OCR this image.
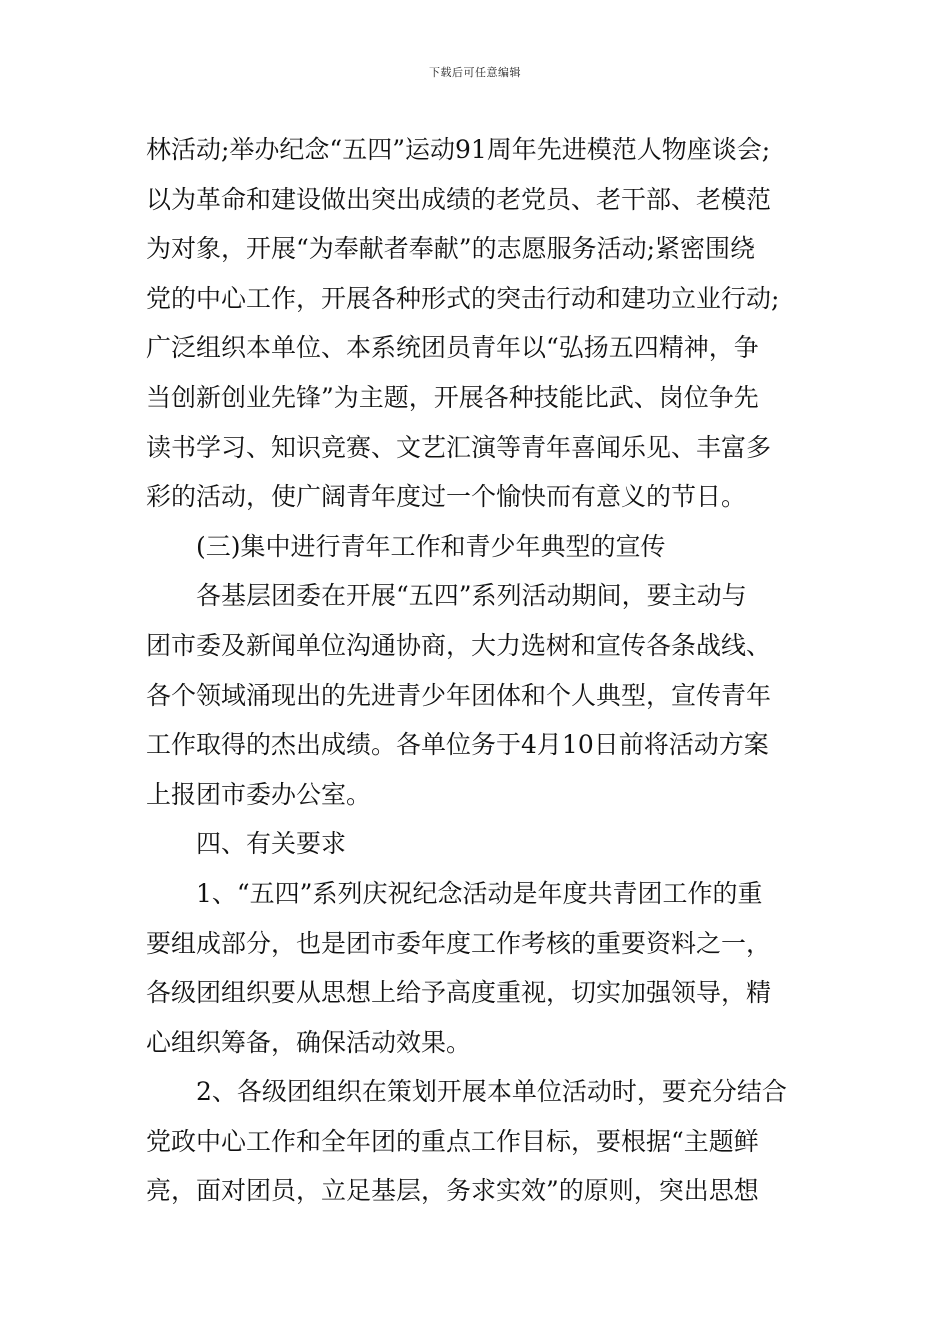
下载后可任意编辑
林活动;举办纪念“五四”运动91周年先进模范人物座谈会;
以为革命和建设做出突出成绩的老党员、老干部、老模范
为对象，开展“为奉献者奉献”的志愿服务活动;紧密围绕
党的中心工作，开展各种形式的突击行动和建功立业行动;
广泛组织本单位、本系统团员青年以“弘扬五四精神，争
当创新创业先锋”为主题，开展各种技能比武、岗位争先
读书学习、知识竞赛、文艺汇演等青年喜闻乐见、丰富多
彩的活动，使广阔青年度过一个愉快而有意义的节日。
(三)集中进行青年工作和青少年典型的宣传
各基层团委在开展“五四”系列活动期间，要主动与
团市委及新闻单位沟通协商，大力选树和宣传各条战线、
各个领域涌现出的先进青少年团体和个人典型，宣传青年
工作取得的杰出成绩。各单位务于4月10日前将活动方案
上报团市委办公室。
四、有关要求
1、“五四”系列庆祝纪念活动是年度共青团工作的重
要组成部分，也是团市委年度工作考核的重要资料之一，
各级团组织要从思想上给予高度重视，切实加强领导，精
心组织筹备，确保活动效果。
2、各级团组织在策划开展本单位活动时，要充分结合
党政中心工作和全年团的重点工作目标，要根据“主题鲜
亮，面对团员，立足基层，务求实效”的原则，突出思想
